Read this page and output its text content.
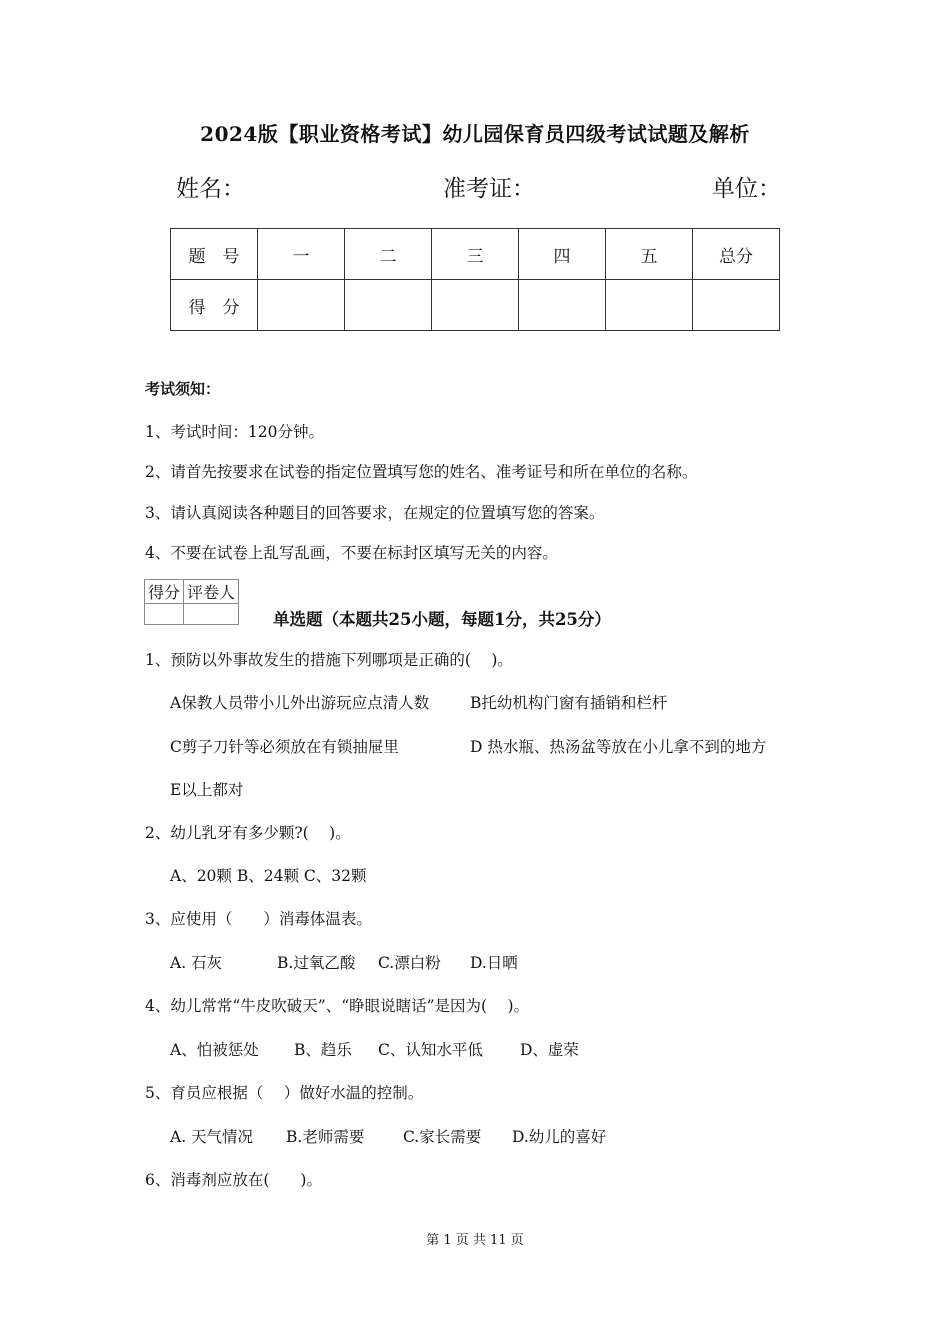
2024版【职业资格考试】幼儿园保育员四级考试试题及解析
姓名：	准考证：	单位：
题　号	一	二	三	四	五	总分
得　分						
考试须知：
1、考试时间：120分钟。
2、请首先按要求在试卷的指定位置填写您的姓名、准考证号和所在单位的名称。
3、请认真阅读各种题目的回答要求，在规定的位置填写您的答案。
4、不要在试卷上乱写乱画，不要在标封区填写无关的内容。
得分	评卷人

单选题（本题共25小题，每题1分，共25分）
1、预防以外事故发生的措施下列哪项是正确的(　 )。
A保教人员带小儿外出游玩应点清人数	B托幼机构门窗有插销和栏杆
C剪子刀针等必须放在有锁抽屉里	D 热水瓶、热汤盆等放在小儿拿不到的地方
E以上都对
2、幼儿乳牙有多少颗?(　 )。
A、20颗 B、24颗 C、32颗
3、应使用（　　）消毒体温表。
A. 石灰	B.过氧乙酸 C.漂白粉 D.日晒
4、幼儿常常“牛皮吹破天”、“睁眼说瞎话”是因为(　 )。
A、怕被惩处 B、趋乐 C、认知水平低 D、虚荣
5、育员应根据（　 ）做好水温的控制。
A. 天气情况 B.老师需要 C.家长需要 D.幼儿的喜好
6、消毒剂应放在(　　)。
第 1 页 共 11 页
